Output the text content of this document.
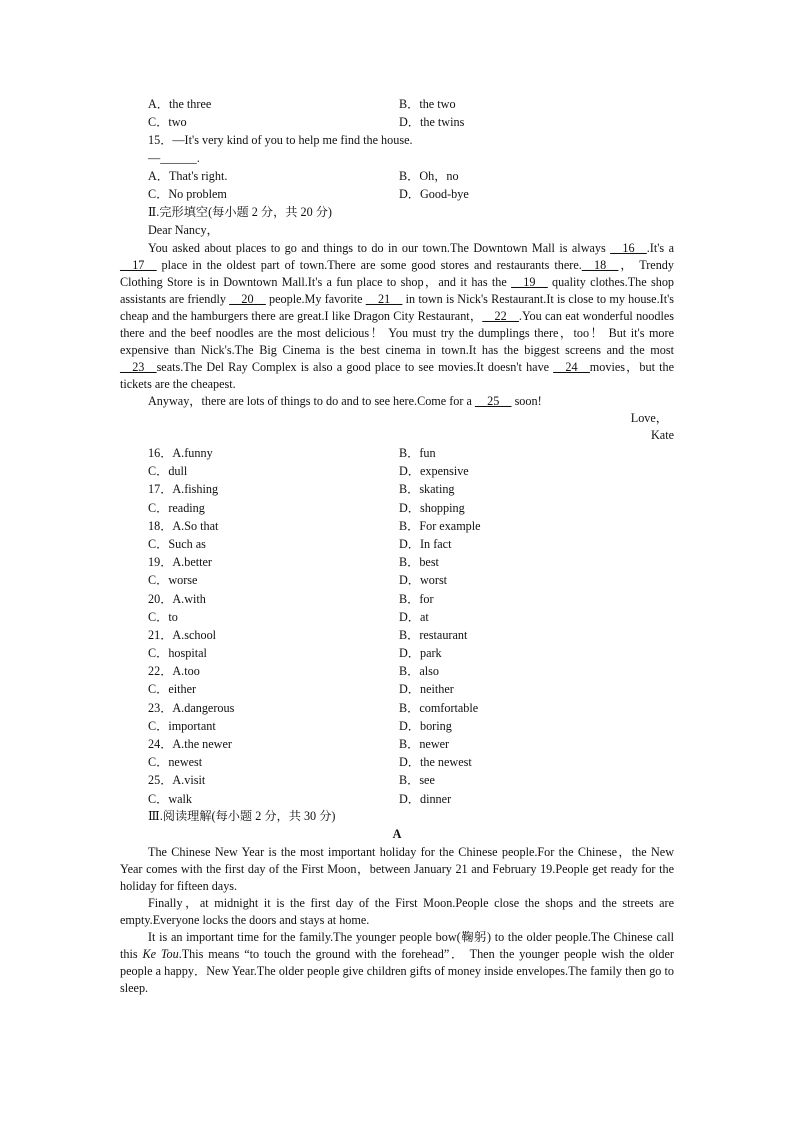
A．the three	B．the two
C．two	D．the twins
15．—It's very kind of you to help me find the house.
—______.
A．That's right.	B．Oh，no
C．No problem	D．Good-bye
Ⅱ.完形填空(每小题 2 分，共 20 分)
Dear Nancy，

You asked about places to go and things to do in our town.The Downtown Mall is always __16__.It's a __17__ place in the oldest part of town.There are some good stores and restaurants there.__18__， Trendy Clothing Store is in Downtown Mall.It's a fun place to shop，and it has the __19__ quality clothes.The shop assistants are friendly __20__ people.My favorite __21__ in town is Nick's Restaurant.It is close to my house.It's cheap and the hamburgers there are great.I like Dragon City Restaurant，__22__.You can eat wonderful noodles there and the beef noodles are the most delicious！ You must try the dumplings there，too！ But it's more expensive than Nick's.The Big Cinema is the best cinema in town.It has the biggest screens and the most __23__seats.The Del Ray Complex is also a good place to see movies.It doesn't have __24__movies，but the tickets are the cheapest.

Anyway，there are lots of things to do and to see here.Come for a __25__ soon!

Love，
Kate
16．A.funny	B．fun
C．dull	D．expensive
17．A.fishing	B．skating
C．reading	D．shopping
18．A.So that	B．For example
C．Such as	D．In fact
19．A.better	B．best
C．worse	D．worst
20．A.with	B．for
C．to	D．at
21．A.school	B．restaurant
C．hospital	D．park
22．A.too	B．also
C．either	D．neither
23．A.dangerous	B．comfortable
C．important	D．boring
24．A.the newer	B．newer
C．newest	D．the newest
25．A.visit	B．see
C．walk	D．dinner
Ⅲ.阅读理解(每小题 2 分，共 30 分)
A

The Chinese New Year is the most important holiday for the Chinese people.For the Chinese，the New Year comes with the first day of the First Moon，between January 21 and February 19.People get ready for the holiday for fifteen days.

Finally，at midnight it is the first day of the First Moon.People close the shops and the streets are empty.Everyone locks the doors and stays at home.

It is an important time for the family.The younger people bow(鞠躬) to the older people.The Chinese call this Ke Tou.This means “to touch the ground with the forehead”． Then the younger people wish the older people a happy．New Year.The older people give children gifts of money inside envelopes.The family then go to sleep.
